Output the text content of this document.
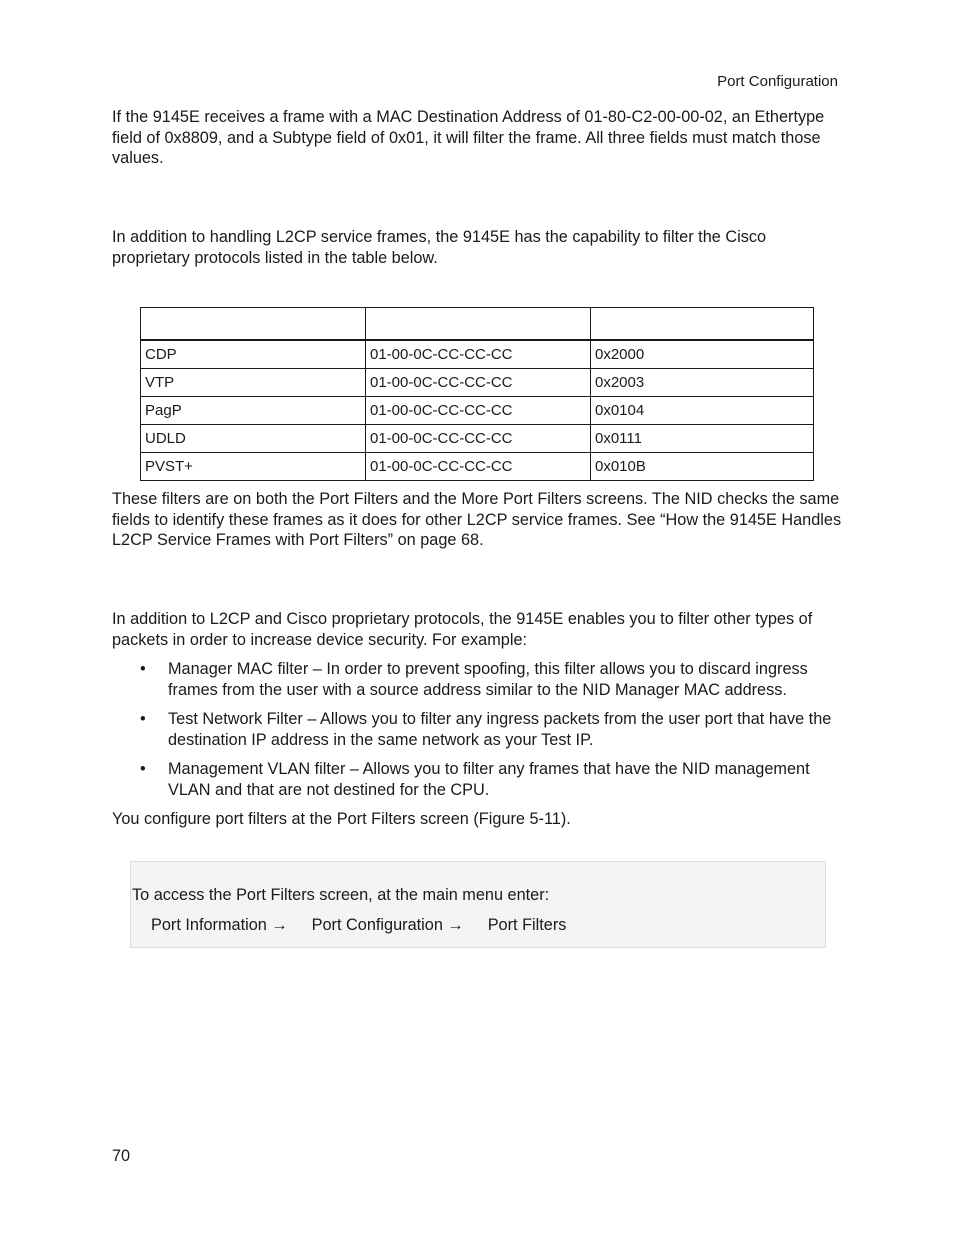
Port Configuration
If the 9145E receives a frame with a MAC Destination Address of 01-80-C2-00-00-02, an Ethertype field of 0x8809, and a Subtype field of 0x01, it will filter the frame. All three fields must match those values.
In addition to handling L2CP service frames, the 9145E has the capability to filter the Cisco proprietary protocols listed in the table below.

CDP	01-00-0C-CC-CC-CC	0x2000
VTP	01-00-0C-CC-CC-CC	0x2003
PagP	01-00-0C-CC-CC-CC	0x0104
UDLD	01-00-0C-CC-CC-CC	0x0111
PVST+	01-00-0C-CC-CC-CC	0x010B
These filters are on both the Port Filters and the More Port Filters screens. The NID checks the same fields to identify these frames as it does for other L2CP service frames. See “How the 9145E Handles L2CP Service Frames with Port Filters” on page 68.
In addition to L2CP and Cisco proprietary protocols, the 9145E enables you to filter other types of packets in order to increase device security. For example:
• Manager MAC filter – In order to prevent spoofing, this filter allows you to discard ingress frames from the user with a source address similar to the NID Manager MAC address.
• Test Network Filter – Allows you to filter any ingress packets from the user port that have the destination IP address in the same network as your Test IP.
• Management VLAN filter – Allows you to filter any frames that have the NID management VLAN and that are not destined for the CPU.
You configure port filters at the Port Filters screen (Figure 5-11).
To access the Port Filters screen, at the main menu enter:
Port Information → Port Configuration → Port Filters
70
